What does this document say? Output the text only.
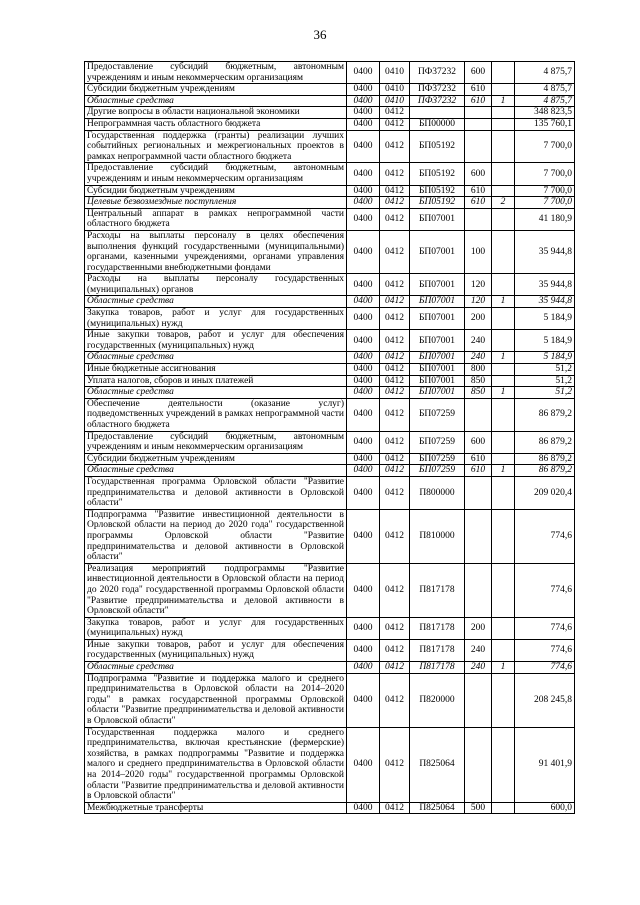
36
Предоставление субсидий бюджетным, автономным учреждениям и иным некоммерческим организациям	0400	0410	ПФ37232	600		4 875,7
Субсидии бюджетным учреждениям	0400	0410	ПФ37232	610		4 875,7
Областные средства	0400	0410	ПФ37232	610	1	4 875,7
Другие вопросы в области национальной экономики	0400	0412				348 823,5
Непрограммная часть областного бюджета	0400	0412	БП00000			135 760,1
Государственная поддержка (гранты) реализации лучших событийных региональных и межрегиональных проектов в рамках непрограммной части областного бюджета	0400	0412	БП05192			7 700,0
Предоставление субсидий бюджетным, автономным учреждениям и иным некоммерческим организациям	0400	0412	БП05192	600		7 700,0
Субсидии бюджетным учреждениям	0400	0412	БП05192	610		7 700,0
Целевые безвозмездные поступления	0400	0412	БП05192	610	2	7 700,0
Центральный аппарат в рамках непрограммной части областного бюджета	0400	0412	БП07001			41 180,9
Расходы на выплаты персоналу в целях обеспечения выполнения функций государственными (муниципальными) органами, казенными учреждениями, органами управления государственными внебюджетными фондами	0400	0412	БП07001	100		35 944,8
Расходы на выплаты персоналу государственных (муниципальных) органов	0400	0412	БП07001	120		35 944,8
Областные средства	0400	0412	БП07001	120	1	35 944,8
Закупка товаров, работ и услуг для государственных (муниципальных) нужд	0400	0412	БП07001	200		5 184,9
Иные закупки товаров, работ и услуг для обеспечения государственных (муниципальных) нужд	0400	0412	БП07001	240		5 184,9
Областные средства	0400	0412	БП07001	240	1	5 184,9
Иные бюджетные ассигнования	0400	0412	БП07001	800		51,2
Уплата налогов, сборов и иных платежей	0400	0412	БП07001	850		51,2
Областные средства	0400	0412	БП07001	850	1	51,2
Обеспечение деятельности (оказание услуг) подведомственных учреждений в рамках непрограммной части областного бюджета	0400	0412	БП07259			86 879,2
Предоставление субсидий бюджетным, автономным учреждениям и иным некоммерческим организациям	0400	0412	БП07259	600		86 879,2
Субсидии бюджетным учреждениям	0400	0412	БП07259	610		86 879,2
Областные средства	0400	0412	БП07259	610	1	86 879,2
Государственная программа Орловской области "Развитие предпринимательства и деловой активности в Орловской области"	0400	0412	П800000			209 020,4
Подпрограмма "Развитие инвестиционной деятельности в Орловской области на период до 2020 года" государственной программы Орловской области "Развитие предпринимательства и деловой активности в Орловской области"	0400	0412	П810000			774,6
Реализация мероприятий подпрограммы "Развитие инвестиционной деятельности в Орловской области на период до 2020 года" государственной программы Орловской области "Развитие предпринимательства и деловой активности в Орловской области"	0400	0412	П817178			774,6
Закупка товаров, работ и услуг для государственных (муниципальных) нужд	0400	0412	П817178	200		774,6
Иные закупки товаров, работ и услуг для обеспечения государственных (муниципальных) нужд	0400	0412	П817178	240		774,6
Областные средства	0400	0412	П817178	240	1	774,6
Подпрограмма "Развитие и поддержка малого и среднего предпринимательства в Орловской области на 2014–2020 годы" в рамках государственной программы Орловской области "Развитие предпринимательства и деловой активности в Орловской области"	0400	0412	П820000			208 245,8
Государственная поддержка малого и среднего предпринимательства, включая крестьянские (фермерские) хозяйства, в рамках подпрограммы "Развитие и поддержка малого и среднего предпринимательства в Орловской области на 2014–2020 годы" государственной программы Орловской области "Развитие предпринимательства и деловой активности в Орловской области"	0400	0412	П825064			91 401,9
Межбюджетные трансферты	0400	0412	П825064	500		600,0
